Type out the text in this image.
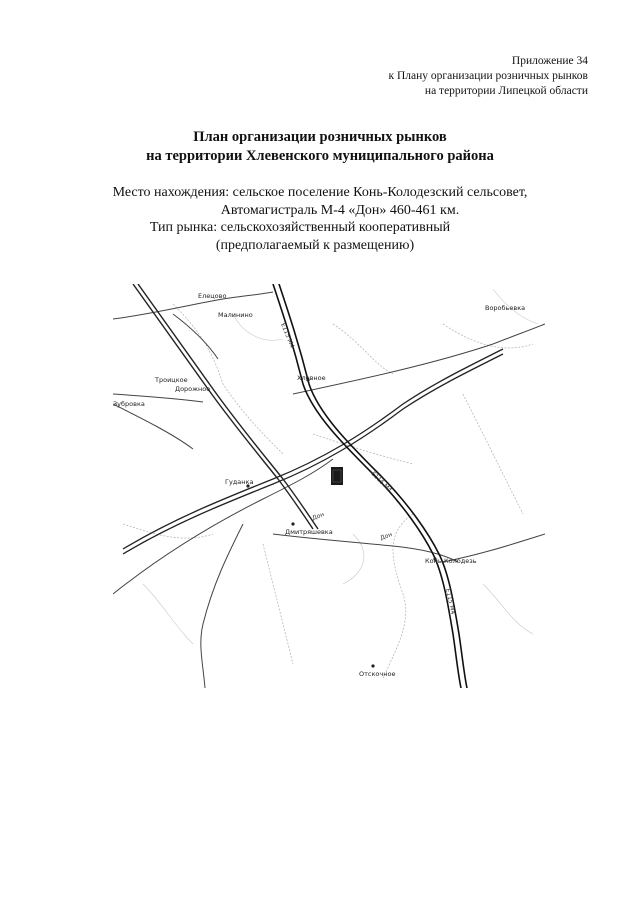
Приложение 34
к Плану организации розничных рынков
на территории Липецкой области
План организации розничных рынков
на территории Хлевенского муниципального района
Место нахождения: сельское поселение Конь-Колодезский сельсовет,
Автомагистраль М-4 «Дон» 460-461 км.
Тип рынка: сельскохозяйственный кооперативный
(предполагаемый к размещению)
Елецово
Малинино
Воробьевка
Троицкое
Дорожное
Хлевное
Зубровка
Гуданка
Дмитряшевка
Конь-Колодезь
Отскочное
E115 М4
E115 М4
E115 М4
Дон
Дон
